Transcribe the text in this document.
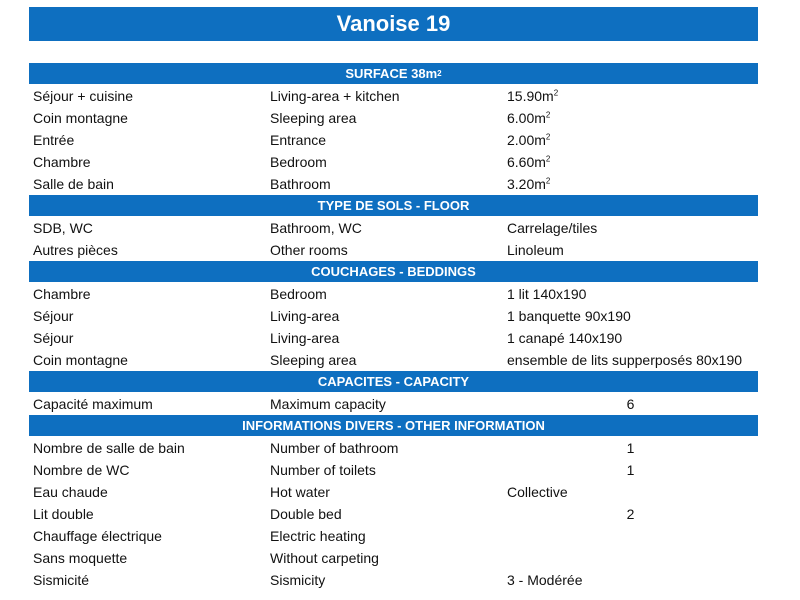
Vanoise 19
SURFACE 38m 2
Séjour + cuisine	Living-area + kitchen	$15.90m^2$
Coin montagne	Sleeping area	$6.00m^2$
Entrée	Entrance	$2.00m^2$
Chambre	Bedroom	$6.60m^2$
Salle de bain	Bathroom	$3.20m^2$
TYPE DE SOLS - FLOOR
SDB, WC	Bathroom, WC	Carrelage/tiles
Autres pièces	Other rooms	Linoleum
COUCHAGES - BEDDINGS
Chambre	Bedroom	1 lit 140x190
Séjour	Living-area	1 banquette 90x190
Séjour	Living-area	1 canapé 140x190
Coin montagne	Sleeping area	ensemble de lits supperposés 80x190
CAPACITES - CAPACITY
Capacité maximum	Maximum capacity	6
INFORMATIONS DIVERS - OTHER INFORMATION
Nombre de salle de bain	Number of bathroom	1
Nombre de WC	Number of toilets	1
Eau chaude	Hot water	Collective
Lit double	Double bed	2
Chauffage électrique	Electric heating
Sans moquette	Without carpeting
Sismicité	Sismicity	3 - Modérée
